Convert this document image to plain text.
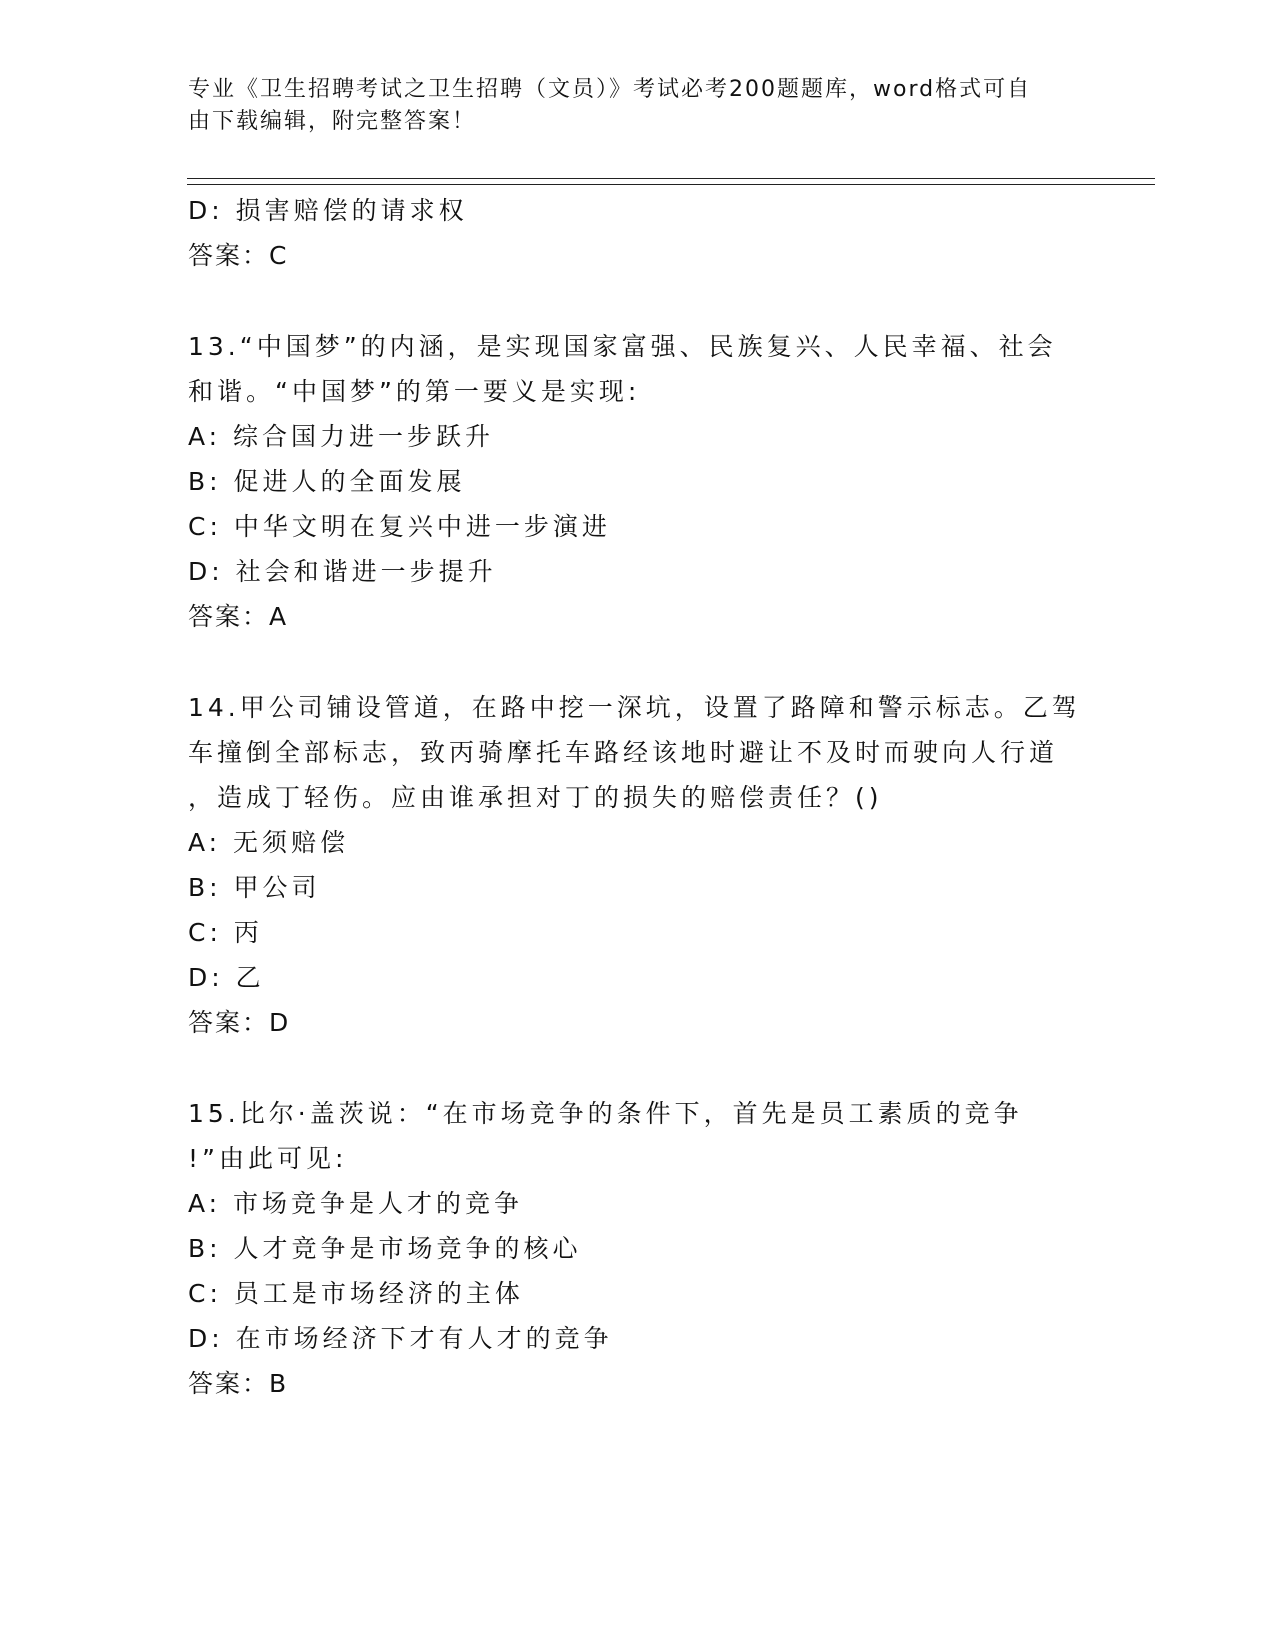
专业《卫生招聘考试之卫生招聘（文员）》考试必考200题题库，word格式可自
由下载编辑，附完整答案！
D: 损害赔偿的请求权
答案：C
13.“中国梦”的内涵，是实现国家富强、民族复兴、人民幸福、社会
和谐。“中国梦”的第一要义是实现:
A: 综合国力进一步跃升
B: 促进人的全面发展
C: 中华文明在复兴中进一步演进
D: 社会和谐进一步提升
答案：A
14.甲公司铺设管道，在路中挖一深坑，设置了路障和警示标志。乙驾
车撞倒全部标志，致丙骑摩托车路经该地时避让不及时而驶向人行道
，造成丁轻伤。应由谁承担对丁的损失的赔偿责任？()
A: 无须赔偿
B: 甲公司
C: 丙
D: 乙
答案：D
15.比尔·盖茨说：“在市场竞争的条件下，首先是员工素质的竞争
!”由此可见:
A: 市场竞争是人才的竞争
B: 人才竞争是市场竞争的核心
C: 员工是市场经济的主体
D: 在市场经济下才有人才的竞争
答案：B
